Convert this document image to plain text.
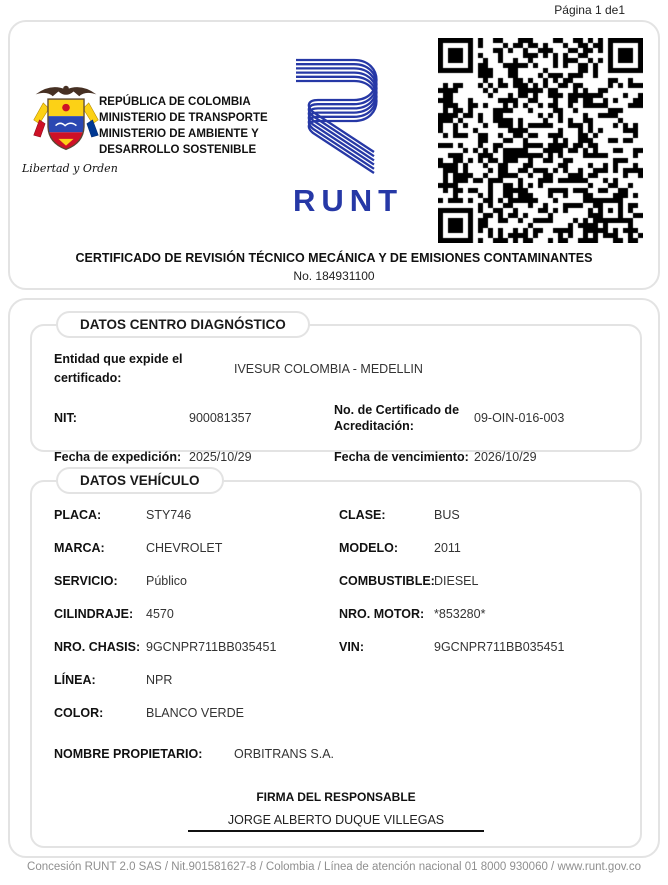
Página 1 de1
Libertad y Orden
REPÚBLICA DE COLOMBIA
MINISTERIO DE TRANSPORTE
MINISTERIO DE AMBIENTE Y
DESARROLLO SOSTENIBLE
RUNT
CERTIFICADO DE REVISIÓN TÉCNICO MECÁNICA Y DE EMISIONES CONTAMINANTES
No. 184931100
DATOS CENTRO DIAGNÓSTICO
Entidad que expide el certificado:
IVESUR COLOMBIA - MEDELLIN
NIT:	900081357
No. de Certificado de Acreditación:
09-OIN-016-003
Fecha de expedición: 2025/10/29	Fecha de vencimiento: 2026/10/29
DATOS VEHÍCULO
PLACA:	STY746	CLASE:	BUS
MARCA:	CHEVROLET	MODELO:	2011
SERVICIO:	Público	COMBUSTIBLE: DIESEL
CILINDRAJE:	4570	NRO. MOTOR: *853280*
NRO. CHASIS: 9GCNPR711BB035451	VIN:	9GCNPR711BB035451
LÍNEA:	NPR
COLOR:	BLANCO VERDE
NOMBRE PROPIETARIO:	ORBITRANS S.A.
FIRMA DEL RESPONSABLE
JORGE ALBERTO DUQUE VILLEGAS
Concesión RUNT 2.0 SAS / Nit.901581627-8 / Colombia / Línea de atención nacional 01 8000 930060 / www.runt.gov.co
